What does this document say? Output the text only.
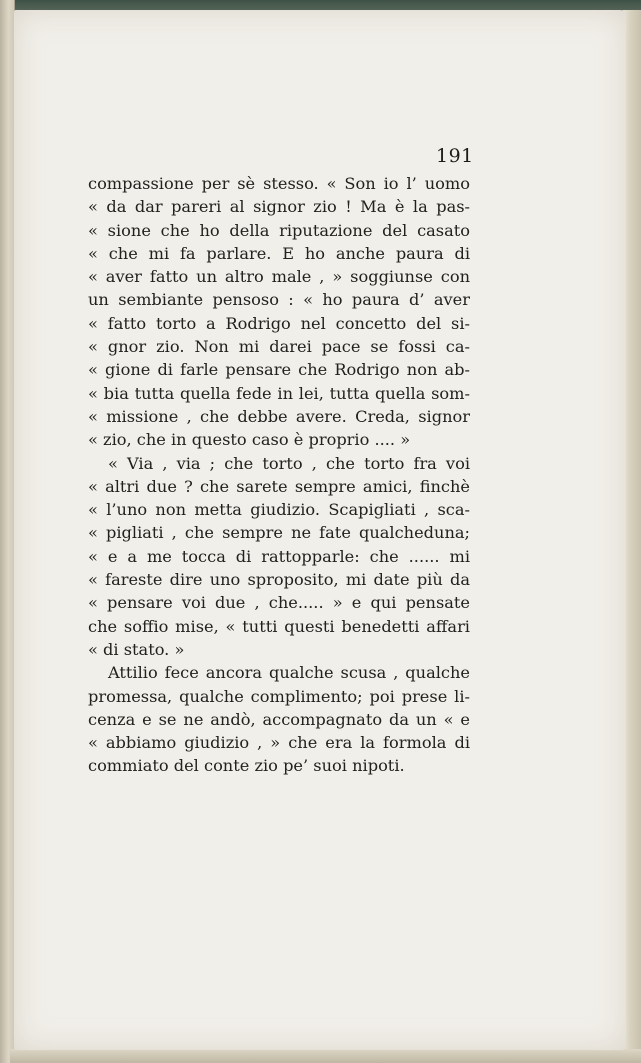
191
compassione per sè stesso. « Son io l’ uomo
« da dar pareri al signor zio ! Ma è la pas-
« sione che ho della riputazione del casato
« che mi fa parlare. E ho anche paura di
« aver fatto un altro male , » soggiunse con
un sembiante pensoso : « ho paura d’ aver
« fatto torto a Rodrigo nel concetto del si-
« gnor zio. Non mi darei pace se fossi ca-
« gione di farle pensare che Rodrigo non ab-
« bia tutta quella fede in lei, tutta quella som-
« missione , che debbe avere. Creda, signor
« zio, che in questo caso è proprio .... »
« Via , via ; che torto , che torto fra voi
« altri due ? che sarete sempre amici, finchè
« l’uno non metta giudizio. Scapigliati , sca-
« pigliati , che sempre ne fate qualcheduna;
« e a me tocca di rattopparle: che ...... mi
« fareste dire uno sproposito, mi date più da
« pensare voi due , che..... » e qui pensate
che soffio mise, « tutti questi benedetti affari
« di stato. »
Attilio fece ancora qualche scusa , qualche
promessa, qualche complimento; poi prese li-
cenza e se ne andò, accompagnato da un « e
« abbiamo giudizio , » che era la formola di
commiato del conte zio pe’ suoi nipoti.
